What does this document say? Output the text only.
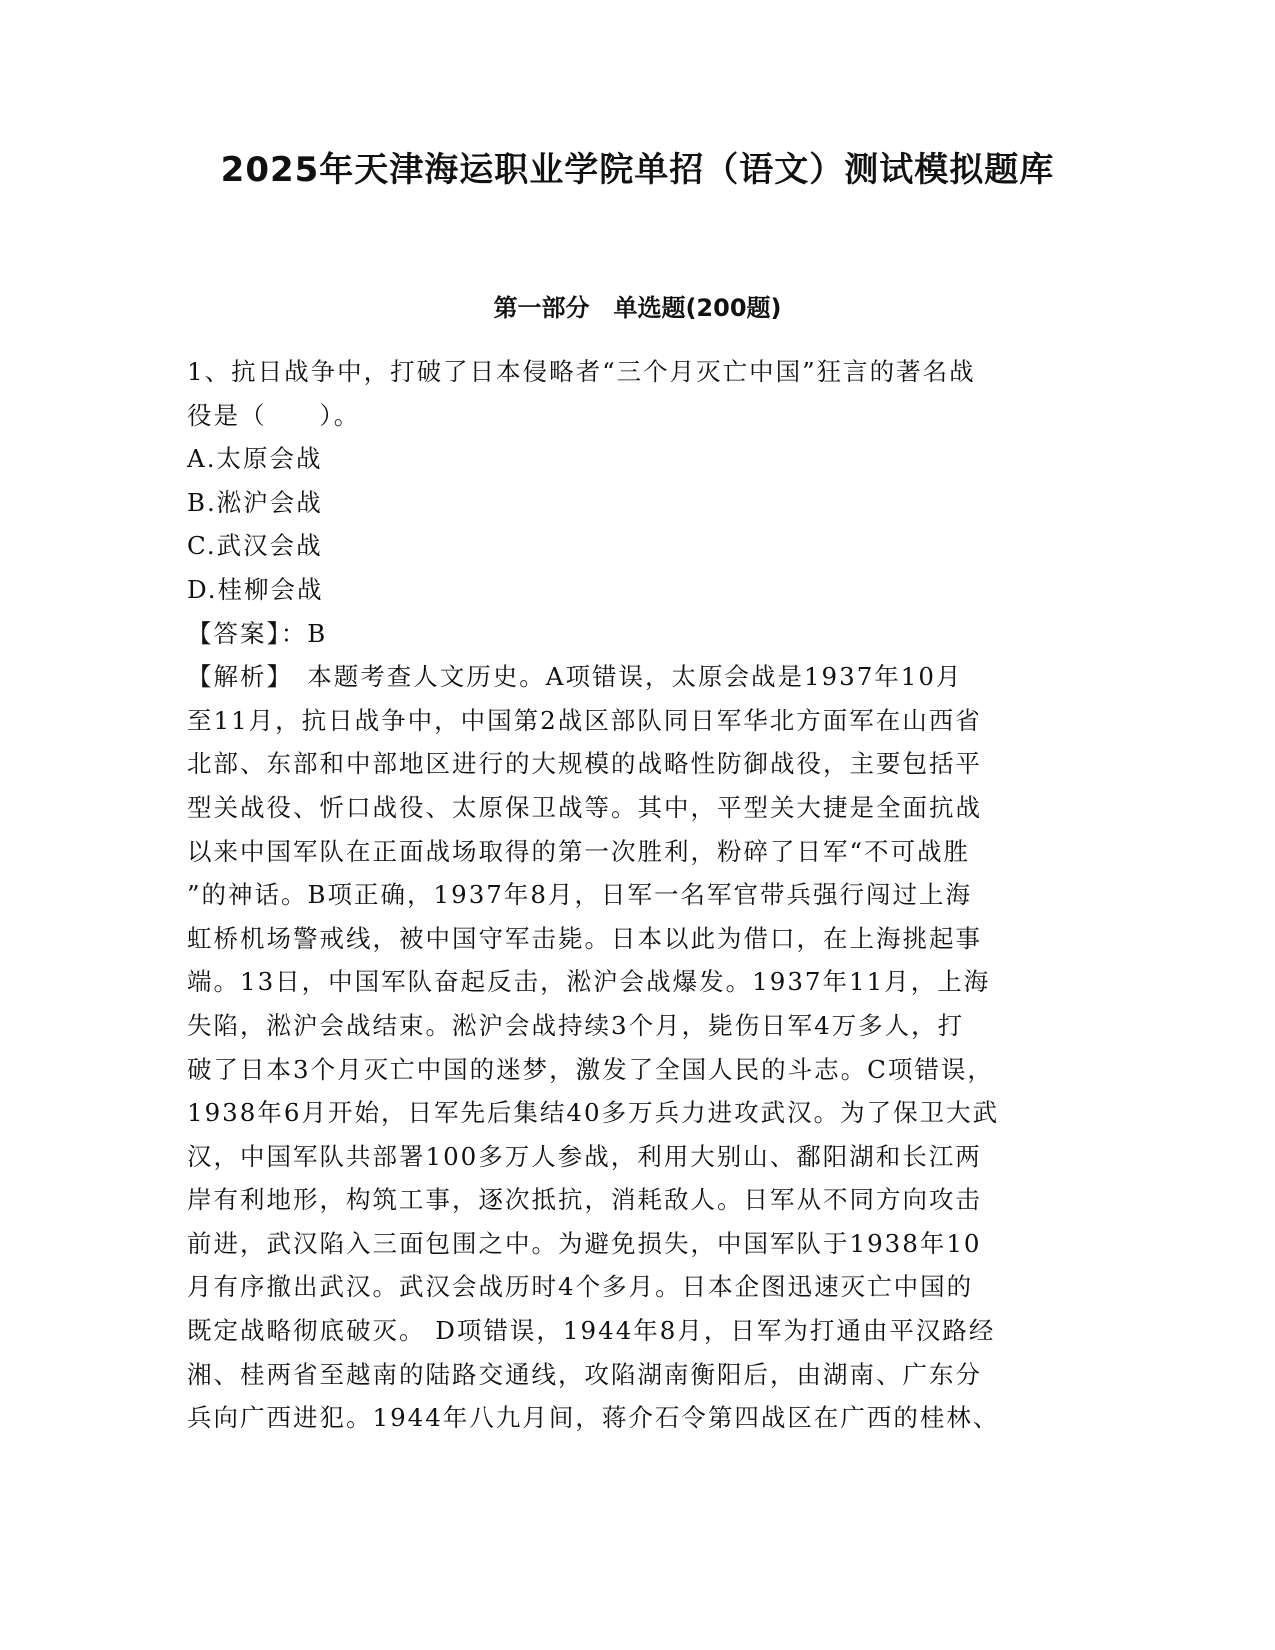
2025年天津海运职业学院单招（语文）测试模拟题库
第一部分　单选题(200题)
1、抗日战争中，打破了日本侵略者“三个月灭亡中国”狂言的著名战
役是（　　）。
A.太原会战
B.淞沪会战
C.武汉会战
D.桂柳会战
【答案】：B
【解析】　本题考查人文历史。A项错误，太原会战是1937年10月
至11月，抗日战争中，中国第2战区部队同日军华北方面军在山西省
北部、东部和中部地区进行的大规模的战略性防御战役，主要包括平
型关战役、忻口战役、太原保卫战等。其中，平型关大捷是全面抗战
以来中国军队在正面战场取得的第一次胜利，粉碎了日军“不可战胜
”的神话。B项正确，1937年8月，日军一名军官带兵强行闯过上海
虹桥机场警戒线，被中国守军击毙。日本以此为借口，在上海挑起事
端。13日，中国军队奋起反击，淞沪会战爆发。1937年11月，上海
失陷，淞沪会战结束。淞沪会战持续3个月，毙伤日军4万多人，打
破了日本3个月灭亡中国的迷梦，激发了全国人民的斗志。C项错误，
1938年6月开始，日军先后集结40多万兵力进攻武汉。为了保卫大武
汉，中国军队共部署100多万人参战，利用大别山、鄱阳湖和长江两
岸有利地形，构筑工事，逐次抵抗，消耗敌人。日军从不同方向攻击
前进，武汉陷入三面包围之中。为避免损失，中国军队于1938年10
月有序撤出武汉。武汉会战历时4个多月。日本企图迅速灭亡中国的
既定战略彻底破灭。 D项错误，1944年8月，日军为打通由平汉路经
湘、桂两省至越南的陆路交通线，攻陷湖南衡阳后，由湖南、广东分
兵向广西进犯。1944年八九月间，蒋介石令第四战区在广西的桂林、
